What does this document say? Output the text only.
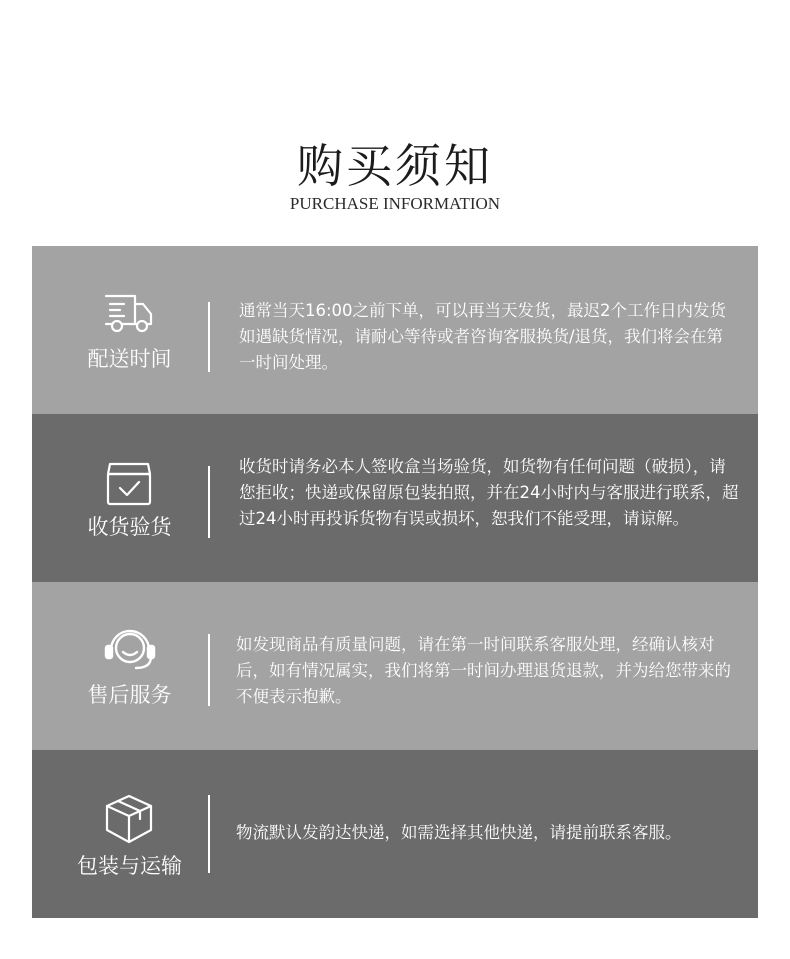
购买须知
PURCHASE INFORMATION
配送时间
通常当天16:00之前下单，可以再当天发货，最迟2个工作日内发货如遇缺货情况，请耐心等待或者咨询客服换货/退货，我们将会在第一时间处理。
收货验货
收货时请务必本人签收盒当场验货，如货物有任何问题（破损），请您拒收；快递或保留原包装拍照，并在24小时内与客服进行联系，超过24小时再投诉货物有误或损坏，恕我们不能受理，请谅解。
售后服务
如发现商品有质量问题，请在第一时间联系客服处理，经确认核对后，如有情况属实，我们将第一时间办理退货退款，并为给您带来的不便表示抱歉。
包装与运输
物流默认发韵达快递，如需选择其他快递，请提前联系客服。
